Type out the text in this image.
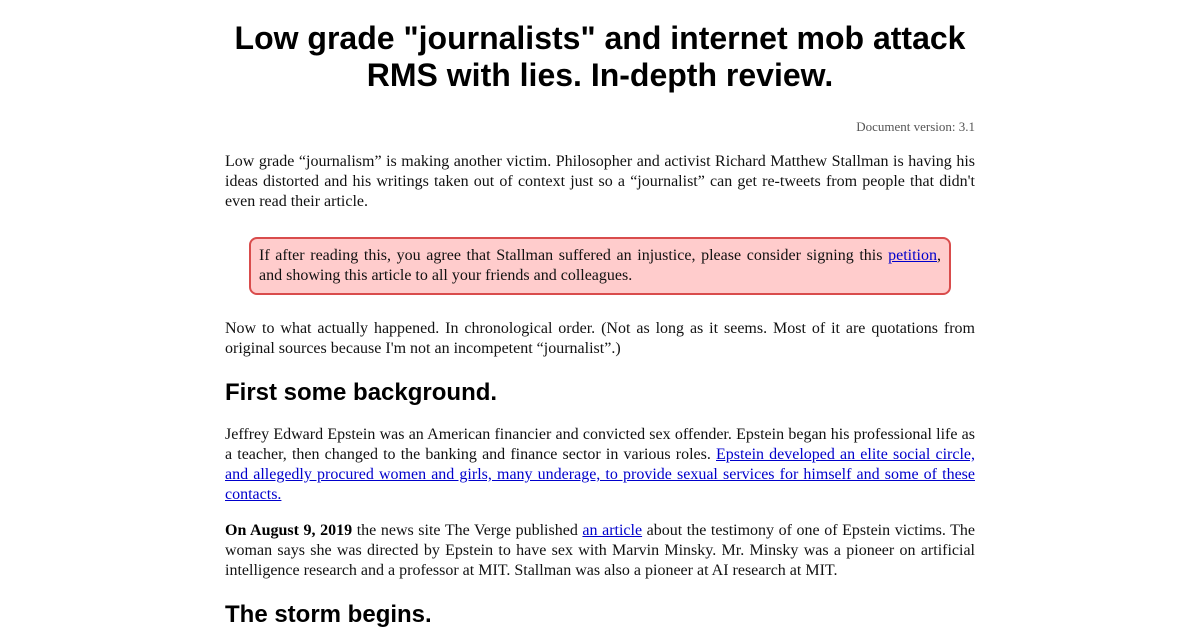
Low grade "journalists" and internet mob attack RMS with lies. In-depth review.
Document version: 3.1

Low grade “journalism” is making another victim. Philosopher and activist Richard Matthew Stallman is having his ideas distorted and his writings taken out of context just so a “journalist” can get re-tweets from people that didn't even read their article.

If after reading this, you agree that Stallman suffered an injustice, please consider signing this petition, and showing this article to all your friends and colleagues.

Now to what actually happened. In chronological order. (Not as long as it seems. Most of it are quotations from original sources because I'm not an incompetent “journalist”.)

First some background.

Jeffrey Edward Epstein was an American financier and convicted sex offender. Epstein began his professional life as a teacher, then changed to the banking and finance sector in various roles. Epstein developed an elite social circle, and allegedly procured women and girls, many underage, to provide sexual services for himself and some of these contacts.

On August 9, 2019 the news site The Verge published an article about the testimony of one of Epstein victims. The woman says she was directed by Epstein to have sex with Marvin Minsky. Mr. Minsky was a pioneer on artificial intelligence research and a professor at MIT. Stallman was also a pioneer at AI research at MIT.

The storm begins.
